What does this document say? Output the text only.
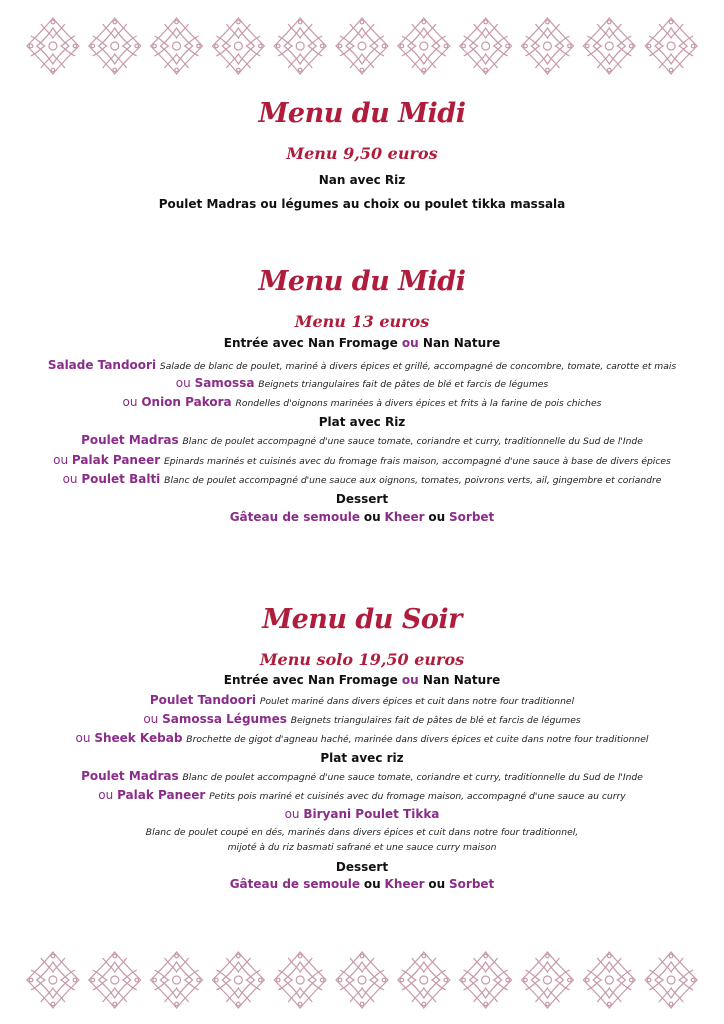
Menu du Midi
Menu 9,50 euros
Nan avec Riz
Poulet Madras ou légumes au choix ou poulet tikka massala
Menu du Midi
Menu 13 euros
Entrée avec Nan Fromage ou Nan Nature
Salade Tandoori Salade de blanc de poulet, mariné à divers épices et grillé, accompagné de concombre, tomate, carotte et mais
ou Samossa Beignets triangulaires fait de pâtes de blé et farcis de légumes
ou Onion Pakora Rondelles d'oignons marinées à divers épices et frits à la farine de pois chiches
Plat avec Riz
Poulet Madras Blanc de poulet accompagné d'une sauce tomate, coriandre et curry, traditionnelle du Sud de l'Inde
ou Palak Paneer Epinards marinés et cuisinés avec du fromage frais maison, accompagné d'une sauce à base de divers épices
ou Poulet Balti Blanc de poulet accompagné d'une sauce aux oignons, tomates, poivrons verts, ail, gingembre et coriandre
Dessert
Gâteau de semoule ou Kheer ou Sorbet
Menu du Soir
Menu solo 19,50 euros
Entrée avec Nan Fromage ou Nan Nature
Poulet Tandoori Poulet mariné dans divers épices et cuit dans notre four traditionnel
ou Samossa Légumes Beignets triangulaires fait de pâtes de blé et farcis de légumes
ou Sheek Kebab Brochette de gigot d'agneau haché, marinée dans divers épices et cuite dans notre four traditionnel
Plat avec riz
Poulet Madras Blanc de poulet accompagné d'une sauce tomate, coriandre et curry, traditionnelle du Sud de l'Inde
ou Palak Paneer Petits pois mariné et cuisinés avec du fromage maison, accompagné d'une sauce au curry
ou Biryani Poulet Tikka
Blanc de poulet coupé en dés, marinés dans divers épices et cuit dans notre four traditionnel,
mijoté à du riz basmati safrané et une sauce curry maison
Dessert
Gâteau de semoule ou Kheer ou Sorbet
